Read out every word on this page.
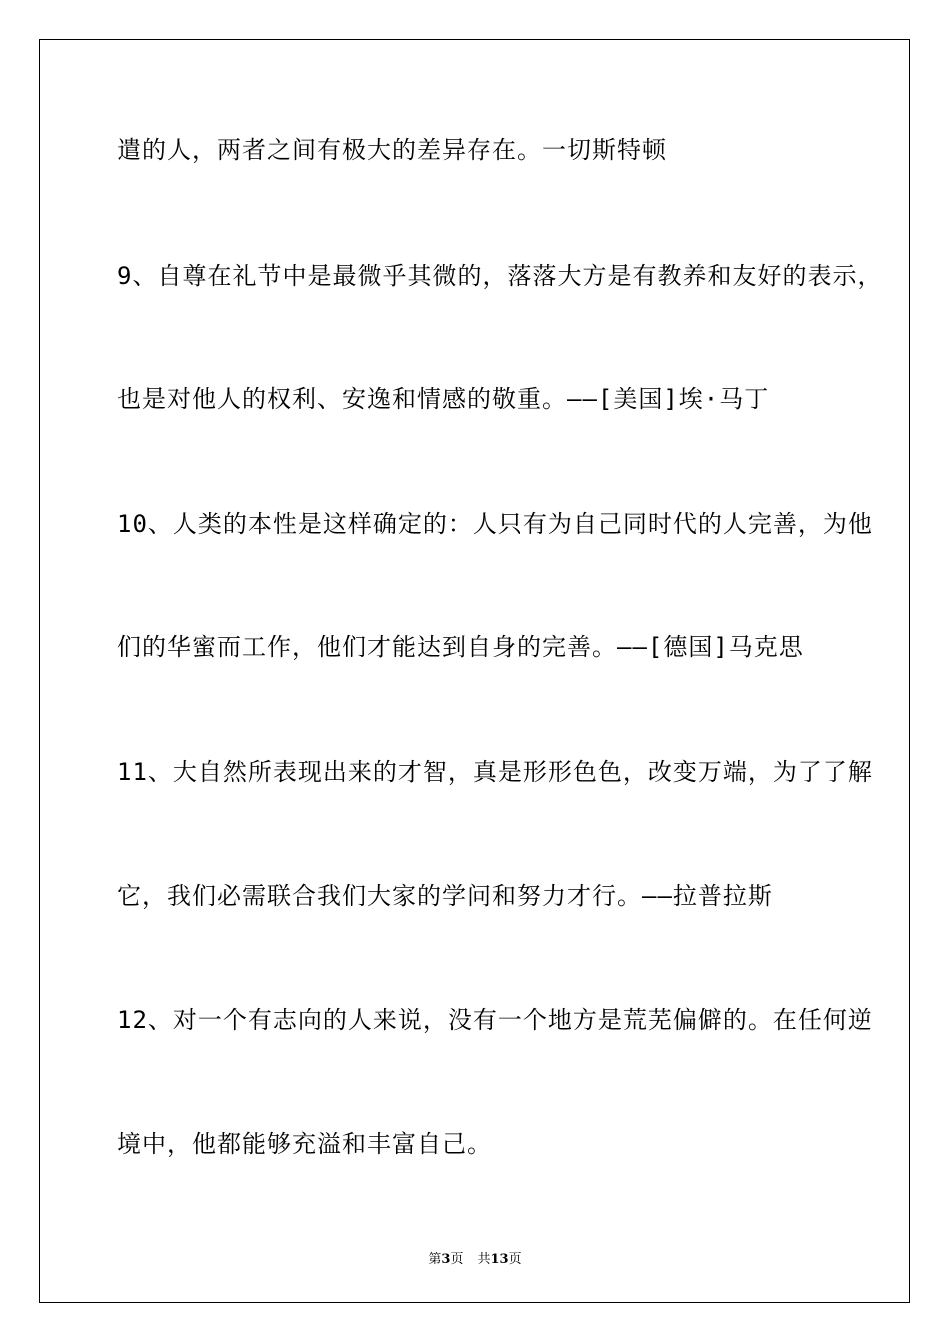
遣的人，两者之间有极大的差异存在。一切斯特顿
9、自尊在礼节中是最微乎其微的，落落大方是有教养和友好的表示，
也是对他人的权利、安逸和情感的敬重。——[美国]埃·马丁
10、人类的本性是这样确定的：人只有为自己同时代的人完善，为他
们的华蜜而工作，他们才能达到自身的完善。——[德国]马克思
11、大自然所表现出来的才智，真是形形色色，改变万端，为了了解
它，我们必需联合我们大家的学问和努力才行。——拉普拉斯
12、对一个有志向的人来说，没有一个地方是荒芜偏僻的。在任何逆
境中，他都能够充溢和丰富自己。
第3页 共13页
